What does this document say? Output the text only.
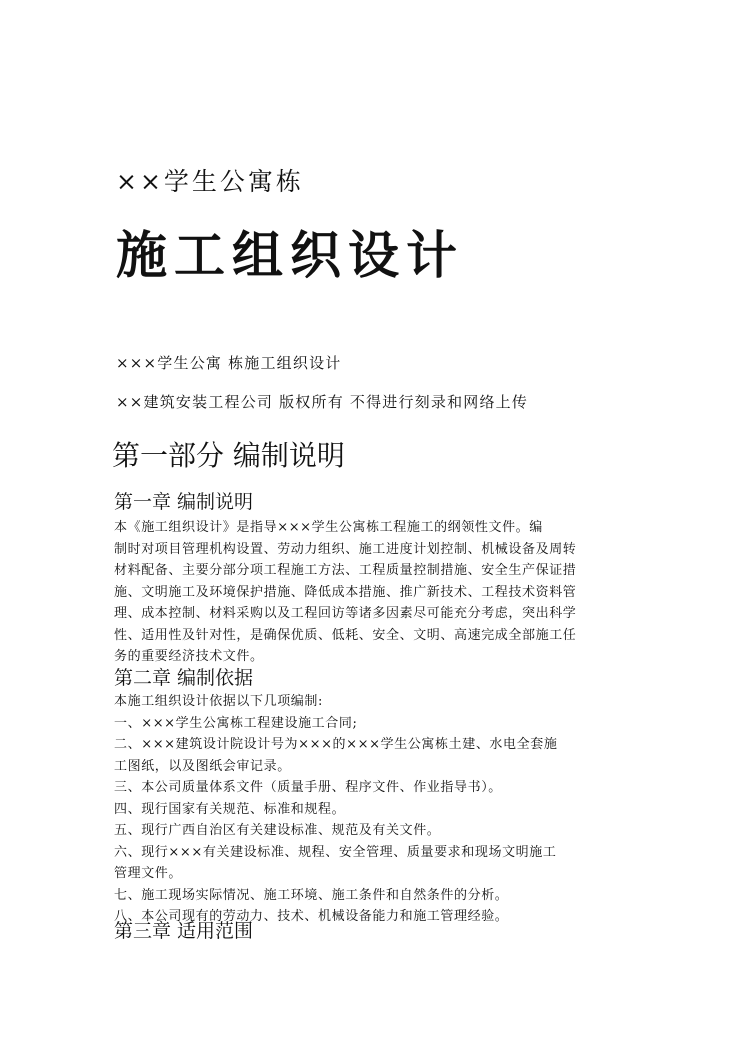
××学生公寓栋
施工组织设计
×××学生公寓 栋施工组织设计
××建筑安装工程公司 版权所有 不得进行刻录和网络上传
第一部分 编制说明
第一章 编制说明
本《施工组织设计》是指导×××学生公寓栋工程施工的纲领性文件。编
制时对项目管理机构设置、劳动力组织、施工进度计划控制、机械设备及周转
材料配备、主要分部分项工程施工方法、工程质量控制措施、安全生产保证措
施、文明施工及环境保护措施、降低成本措施、推广新技术、工程技术资料管
理、成本控制、材料采购以及工程回访等诸多因素尽可能充分考虑，突出科学
性、适用性及针对性，是确保优质、低耗、安全、文明、高速完成全部施工任
务的重要经济技术文件。
第二章 编制依据
本施工组织设计依据以下几项编制:
一、×××学生公寓栋工程建设施工合同;
二、×××建筑设计院设计号为×××的×××学生公寓栋土建、水电全套施
工图纸，以及图纸会审记录。
三、本公司质量体系文件（质量手册、程序文件、作业指导书）。
四、现行国家有关规范、标准和规程。
五、现行广西自治区有关建设标准、规范及有关文件。
六、现行×××有关建设标准、规程、安全管理、质量要求和现场文明施工
管理文件。
七、施工现场实际情况、施工环境、施工条件和自然条件的分析。
八、本公司现有的劳动力、技术、机械设备能力和施工管理经验。
第三章 适用范围
